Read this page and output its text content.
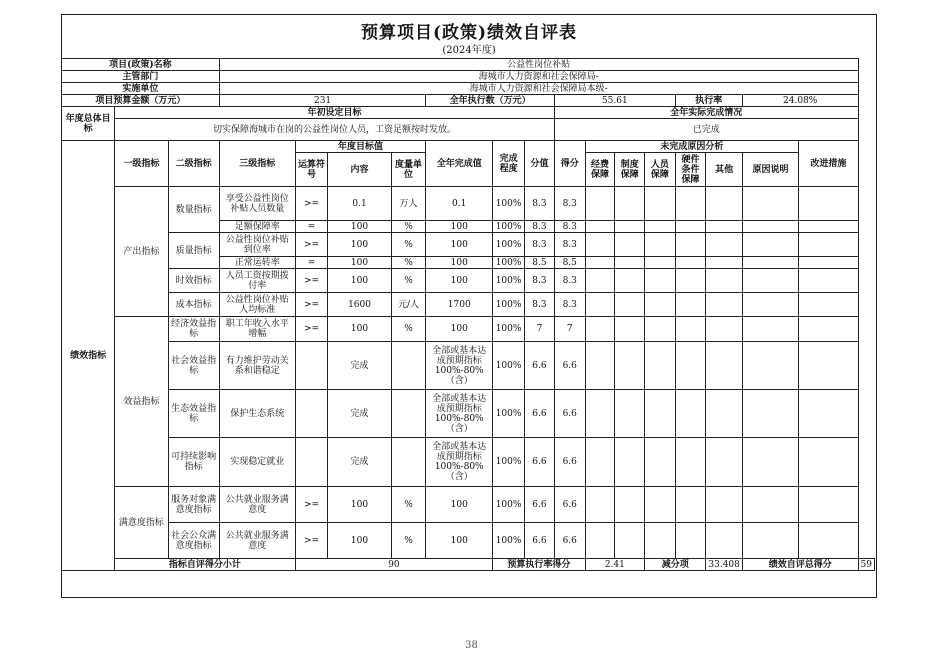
预算项目(政策)绩效自评表
(2024年度)
项目(政策)名称			公益性岗位补贴															
主管部门			海城市人力资源和社会保障局-															
实施单位			海城市人力资源和社会保障局本级-															
项目预算金额（万元）			231				全年执行数（万元）			55.61				执行率		24.08%		
年度总体目标	年初设定目标									全年实际完成情况								
	切实保障海城市在岗的公益性岗位人员，工资足额按时发放。									已完成								
绩效指标	一级指标	二级指标	三级指标	年度目标值			全年完成值	完成程度	分值	得分	未完成原因分析						改进措施	
				运算符号	内容	度量单位					经费保障	制度保障	人员保障	硬件条件保障	其他	原因说明		
	产出指标	数量指标	享受公益性岗位补贴人员数量	>=	0.1	万人	0.1	100%	8.3	8.3								
			足额保障率	=	100	%	100	100%	8.3	8.3								
		质量指标	公益性岗位补贴到位率	>=	100	%	100	100%	8.3	8.3								
			正常运转率	=	100	%	100	100%	8.5	8.5								
		时效指标	人员工资按期拨付率	>=	100	%	100	100%	8.3	8.3								
		成本指标	公益性岗位补贴人均标准	>=	1600	元/人	1700	100%	8.3	8.3								
	效益指标	经济效益指标	职工年收入水平增幅	>=	100	%	100	100%	7	7								
		社会效益指标	有力维护劳动关系和谐稳定		完成		全部或基本达成预期指标100%-80%（含）	100%	6.6	6.6								
		生态效益指标	保护生态系统		完成		全部或基本达成预期指标100%-80%（含）	100%	6.6	6.6								
		可持续影响指标	实现稳定就业		完成		全部或基本达成预期指标100%-80%（含）	100%	6.6	6.6								
	满意度指标	服务对象满意度指标	公共就业服务满意度	>=	100	%	100	100%	6.6	6.6								
		社会公众满意度指标	公共就业服务满意度	>=	100	%	100	100%	6.6	6.6								
	指标自评得分小计			90				预算执行率得分			2.41		减分项		33.408	绩效自评总得分		59
38
